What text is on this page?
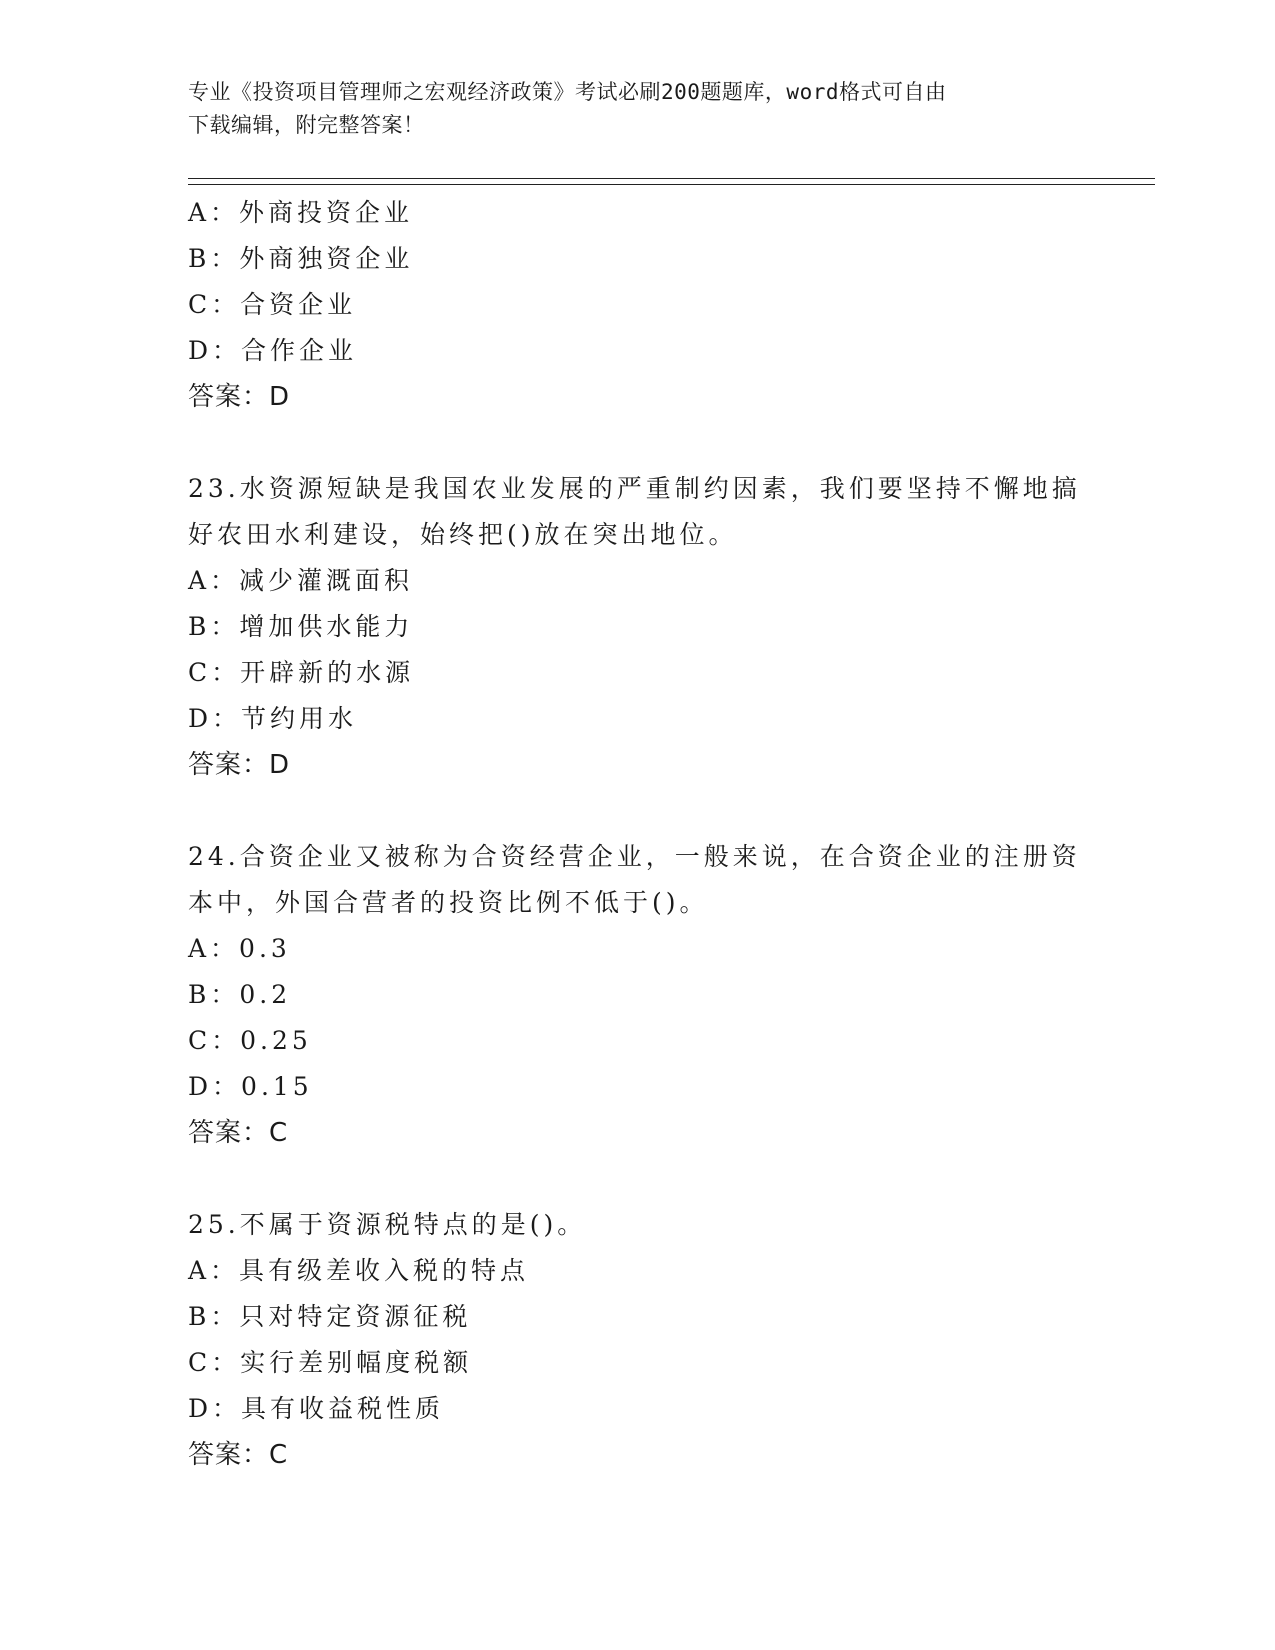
专业《投资项目管理师之宏观经济政策》考试必刷200题题库，word格式可自由
下载编辑，附完整答案！
A：外商投资企业
B：外商独资企业
C：合资企业
D：合作企业
答案：D
23.水资源短缺是我国农业发展的严重制约因素，我们要坚持不懈地搞
好农田水利建设，始终把()放在突出地位。
A：减少灌溉面积
B：增加供水能力
C：开辟新的水源
D：节约用水
答案：D
24.合资企业又被称为合资经营企业，一般来说，在合资企业的注册资
本中，外国合营者的投资比例不低于()。
A：0.3
B：0.2
C：0.25
D：0.15
答案：C
25.不属于资源税特点的是()。
A：具有级差收入税的特点
B：只对特定资源征税
C：实行差别幅度税额
D：具有收益税性质
答案：C
